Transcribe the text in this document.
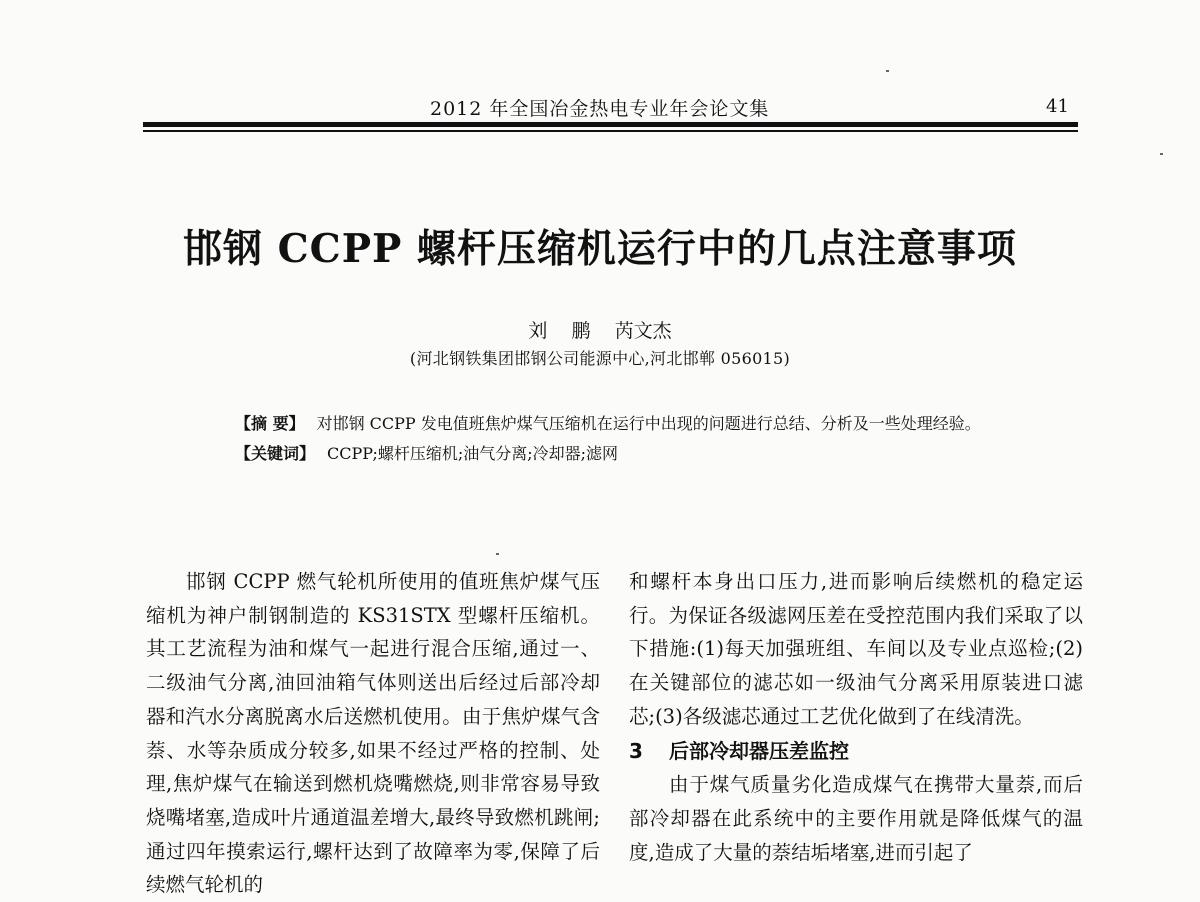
2012 年全国冶金热电专业年会论文集	41
邯钢 CCPP 螺杆压缩机运行中的几点注意事项
刘    鹏    芮文杰
(河北钢铁集团邯钢公司能源中心,河北邯郸 056015)

【摘 要】 对邯钢 CCPP 发电值班焦炉煤气压缩机在运行中出现的问题进行总结、分析及一些处理经验。

【关键词】 CCPP;螺杆压缩机;油气分离;冷却器;滤网

邯钢 CCPP 燃气轮机所使用的值班焦炉煤气压缩机为神户制钢制造的 KS31STX 型螺杆压缩机。其工艺流程为油和煤气一起进行混合压缩,通过一、二级油气分离,油回油箱气体则送出后经过后部冷却器和汽水分离脱离水后送燃机使用。由于焦炉煤气含萘、水等杂质成分较多,如果不经过严格的控制、处理,焦炉煤气在输送到燃机烧嘴燃烧,则非常容易导致烧嘴堵塞,造成叶片通道温差增大,最终导致燃机跳闸;通过四年摸索运行,螺杆达到了故障率为零,保障了后续燃气轮机的

和螺杆本身出口压力,进而影响后续燃机的稳定运行。为保证各级滤网压差在受控范围内我们采取了以下措施:(1)每天加强班组、车间以及专业点巡检;(2)在关键部位的滤芯如一级油气分离采用原装进口滤芯;(3)各级滤芯通过工艺优化做到了在线清洗。

3 后部冷却器压差监控

由于煤气质量劣化造成煤气在携带大量萘,而后部冷却器在此系统中的主要作用就是降低煤气的温度,造成了大量的萘结垢堵塞,进而引起了
